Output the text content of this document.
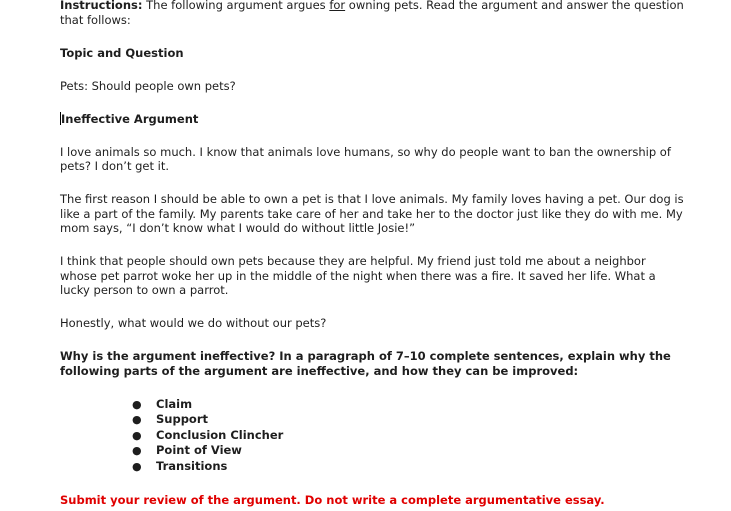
Instructions: The following argument argues for owning pets. Read the argument and answer the question that follows:

Topic and Question

Pets: Should people own pets?

Ineffective Argument

I love animals so much. I know that animals love humans, so why do people want to ban the ownership of pets? I don’t get it.

The first reason I should be able to own a pet is that I love animals. My family loves having a pet. Our dog is like a part of the family. My parents take care of her and take her to the doctor just like they do with me. My mom says, “I don’t know what I would do without little Josie!”

I think that people should own pets because they are helpful. My friend just told me about a neighbor whose pet parrot woke her up in the middle of the night when there was a fire. It saved her life. What a lucky person to own a parrot.

Honestly, what would we do without our pets?

Why is the argument ineffective? In a paragraph of 7–10 complete sentences, explain why the following parts of the argument are ineffective, and how they can be improved:

● Claim
● Support
● Conclusion Clincher
● Point of View
● Transitions

Submit your review of the argument. Do not write a complete argumentative essay.
